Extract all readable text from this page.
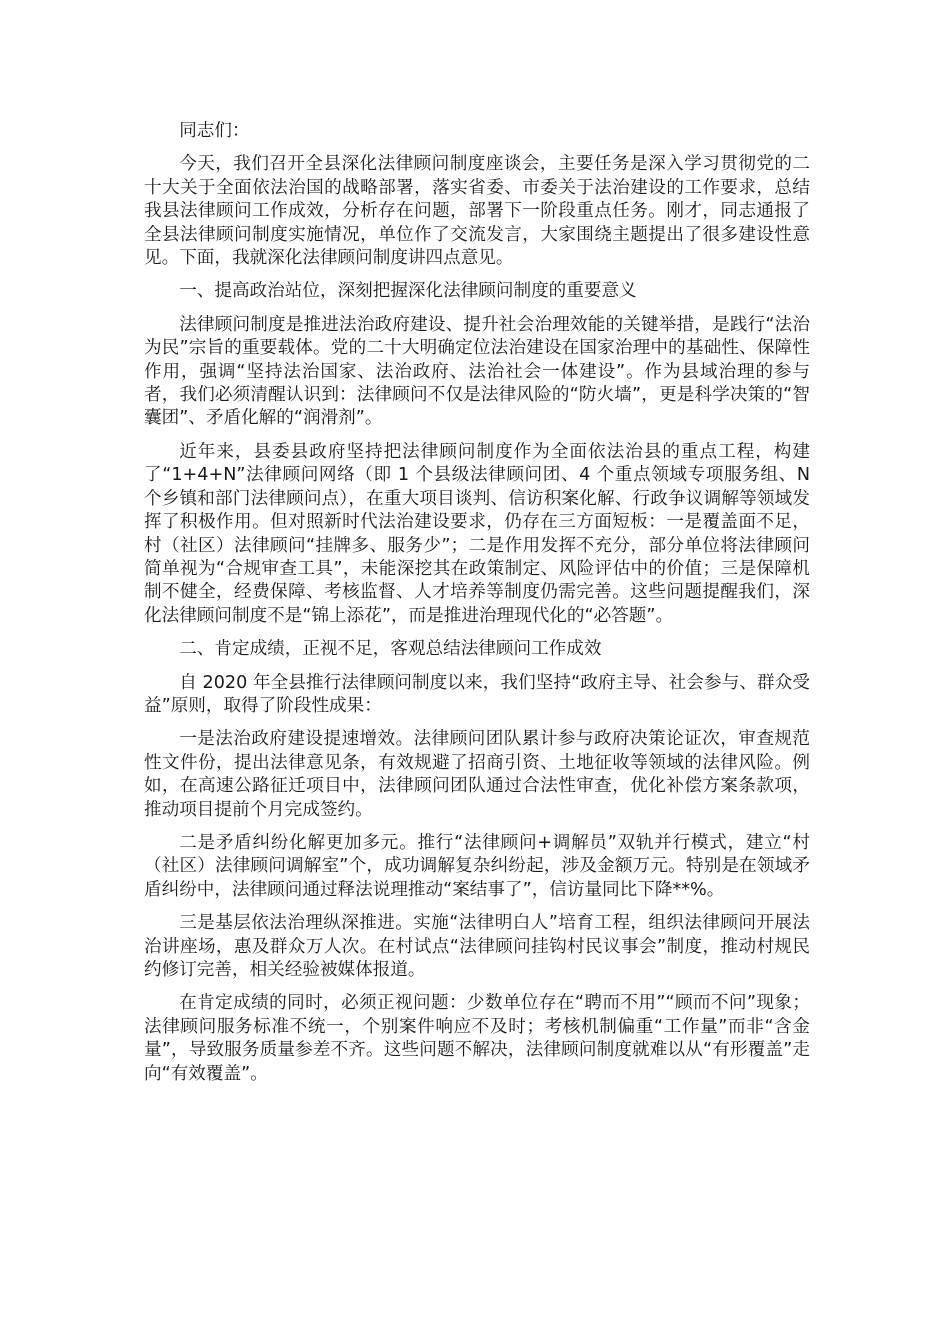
同志们：

今天，我们召开全县深化法律顾问制度座谈会，主要任务是深入学习贯彻党的二十大关于全面依法治国的战略部署，落实省委、市委关于法治建设的工作要求，总结我县法律顾问工作成效，分析存在问题，部署下一阶段重点任务。刚才，同志通报了全县法律顾问制度实施情况，单位作了交流发言，大家围绕主题提出了很多建设性意见。下面，我就深化法律顾问制度讲四点意见。

一、提高政治站位，深刻把握深化法律顾问制度的重要意义

法律顾问制度是推进法治政府建设、提升社会治理效能的关键举措，是践行“法治为民”宗旨的重要载体。党的二十大明确定位法治建设在国家治理中的基础性、保障性作用，强调“坚持法治国家、法治政府、法治社会一体建设”。作为县域治理的参与者，我们必须清醒认识到：法律顾问不仅是法律风险的“防火墙”，更是科学决策的“智囊团”、矛盾化解的“润滑剂”。

近年来，县委县政府坚持把法律顾问制度作为全面依法治县的重点工程，构建了“1+4+N”法律顾问网络（即 1 个县级法律顾问团、4 个重点领域专项服务组、N 个乡镇和部门法律顾问点），在重大项目谈判、信访积案化解、行政争议调解等领域发挥了积极作用。但对照新时代法治建设要求，仍存在三方面短板：一是覆盖面不足，村（社区）法律顾问“挂牌多、服务少”；二是作用发挥不充分，部分单位将法律顾问简单视为“合规审查工具”，未能深挖其在政策制定、风险评估中的价值；三是保障机制不健全，经费保障、考核监督、人才培养等制度仍需完善。这些问题提醒我们，深化法律顾问制度不是“锦上添花”，而是推进治理现代化的“必答题”。

二、肯定成绩，正视不足，客观总结法律顾问工作成效

自 2020 年全县推行法律顾问制度以来，我们坚持“政府主导、社会参与、群众受益”原则，取得了阶段性成果：

一是法治政府建设提速增效。法律顾问团队累计参与政府决策论证次，审查规范性文件份，提出法律意见条，有效规避了招商引资、土地征收等领域的法律风险。例如，在高速公路征迁项目中，法律顾问团队通过合法性审查，优化补偿方案条款项，推动项目提前个月完成签约。

二是矛盾纠纷化解更加多元。推行“法律顾问+调解员”双轨并行模式，建立“村（社区）法律顾问调解室”个，成功调解复杂纠纷起，涉及金额万元。特别是在领域矛盾纠纷中，法律顾问通过释法说理推动“案结事了”，信访量同比下降**%。

三是基层依法治理纵深推进。实施“法律明白人”培育工程，组织法律顾问开展法治讲座场，惠及群众万人次。在村试点“法律顾问挂钩村民议事会”制度，推动村规民约修订完善，相关经验被媒体报道。

在肯定成绩的同时，必须正视问题：少数单位存在“聘而不用”“顾而不问”现象；法律顾问服务标准不统一，个别案件响应不及时；考核机制偏重“工作量”而非“含金量”，导致服务质量参差不齐。这些问题不解决，法律顾问制度就难以从“有形覆盖”走向“有效覆盖”。
